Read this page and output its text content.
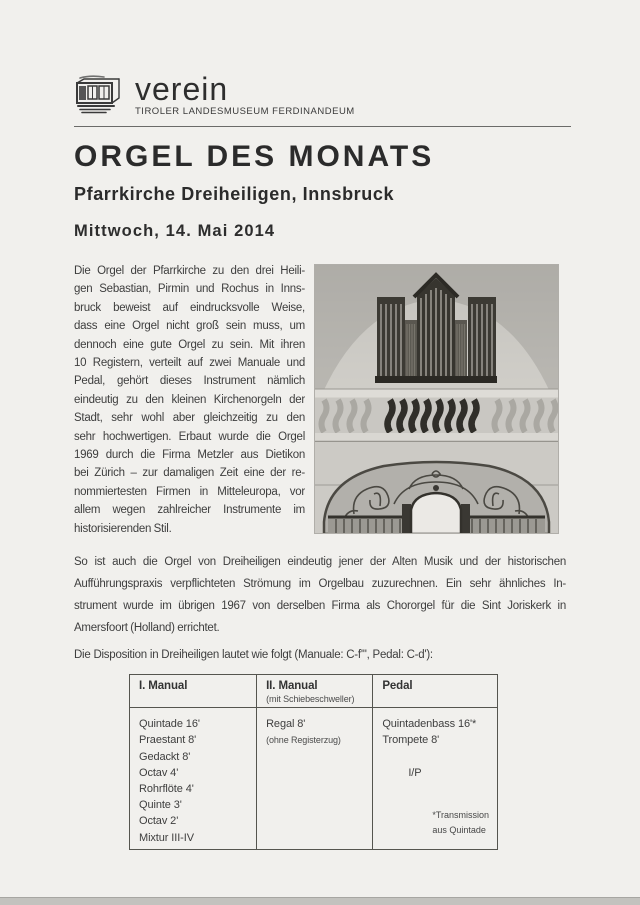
verein
TIROLER LANDESMUSEUM FERDINANDEUM
ORGEL DES MONATS
Pfarrkirche Dreiheiligen, Innsbruck
Mittwoch, 14. Mai 2014
Die Orgel der Pfarrkirche zu den drei Heili-
gen Sebastian, Pirmin und Rochus in Inns-
bruck beweist auf eindrucksvolle Weise,
dass eine Orgel nicht groß sein muss, um
dennoch eine gute Orgel zu sein. Mit ihren
10 Registern, verteilt auf zwei Manuale und
Pedal, gehört dieses Instrument nämlich
eindeutig zu den kleinen Kirchenorgeln der
Stadt, sehr wohl aber gleichzeitig zu den
sehr hochwertigen. Erbaut wurde die Orgel
1969 durch die Firma Metzler aus Dietikon
bei Zürich – zur damaligen Zeit eine der re-
nommiertesten Firmen in Mitteleuropa, vor
allem wegen zahlreicher Instrumente im
historisierenden Stil.
So ist auch die Orgel von Dreiheiligen eindeutig jener der Alten Musik und der historischen
Aufführungspraxis verpflichteten Strömung im Orgelbau zuzurechnen. Ein sehr ähnliches In-
strument wurde im übrigen 1967 von derselben Firma als Chororgel für die Sint Joriskerk in
Amersfoort (Holland) errichtet.

Die Disposition in Dreiheiligen lautet wie folgt (Manuale: C-f''', Pedal: C-d'):

I. Manual
Quintade 16'
Praestant 8'
Gedackt 8'
Octav 4'
Rohrflöte 4'
Quinte 3'
Octav 2'
Mixtur III-IV
II. Manual
(mit Schiebeschweller)
Regal 8'
(ohne Registerzug)
Pedal
Quintadenbass 16'*
Trompete 8'
I/P
*Transmission
aus Quintade
